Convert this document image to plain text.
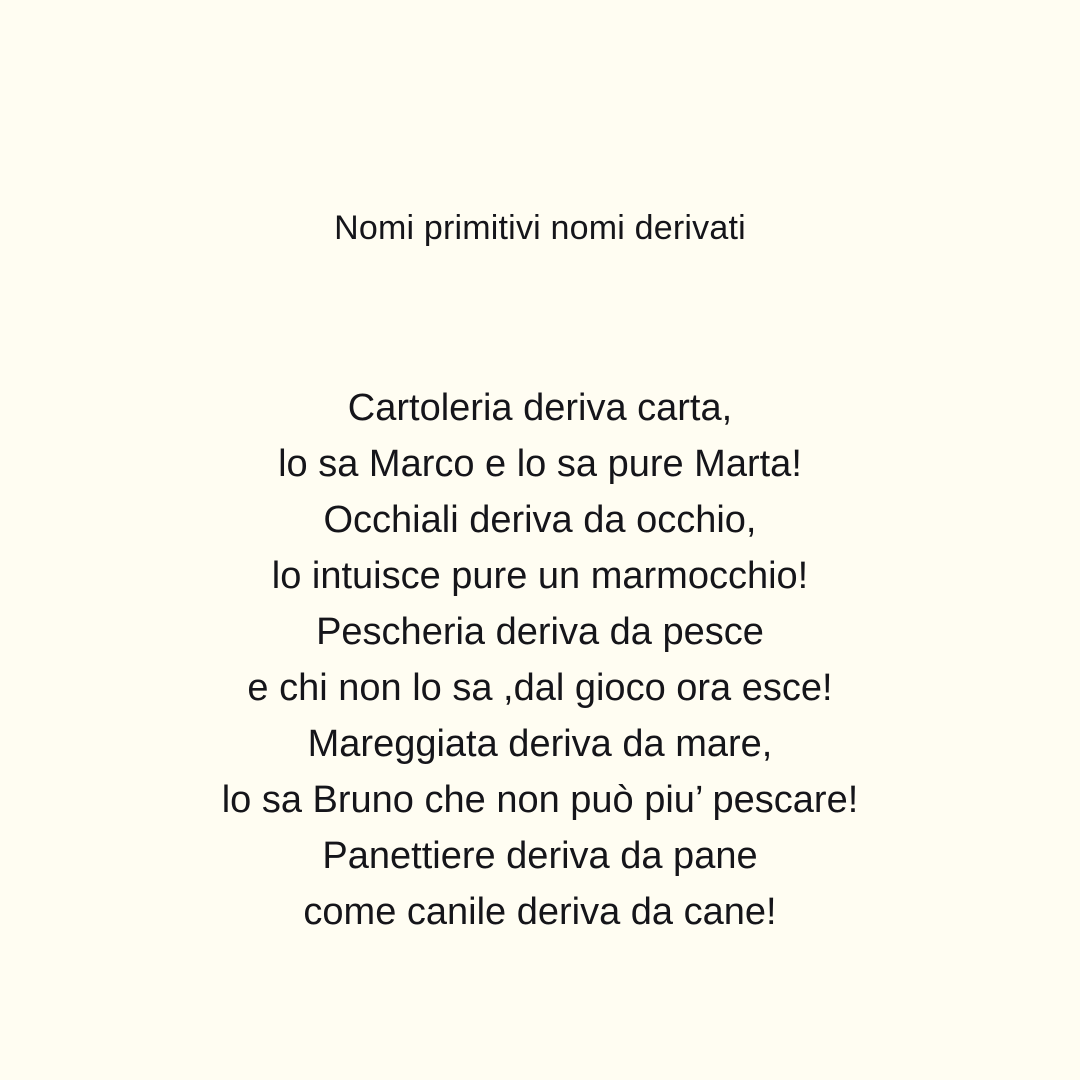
Nomi primitivi nomi derivati
Cartoleria deriva carta,
lo sa Marco e lo sa pure Marta!
Occhiali deriva da occhio,
lo intuisce pure un marmocchio!
Pescheria deriva da pesce
e chi non lo sa ,dal gioco ora esce!
Mareggiata deriva da mare,
lo sa Bruno che non può piu’ pescare!
Panettiere deriva da pane
come canile deriva da cane!
